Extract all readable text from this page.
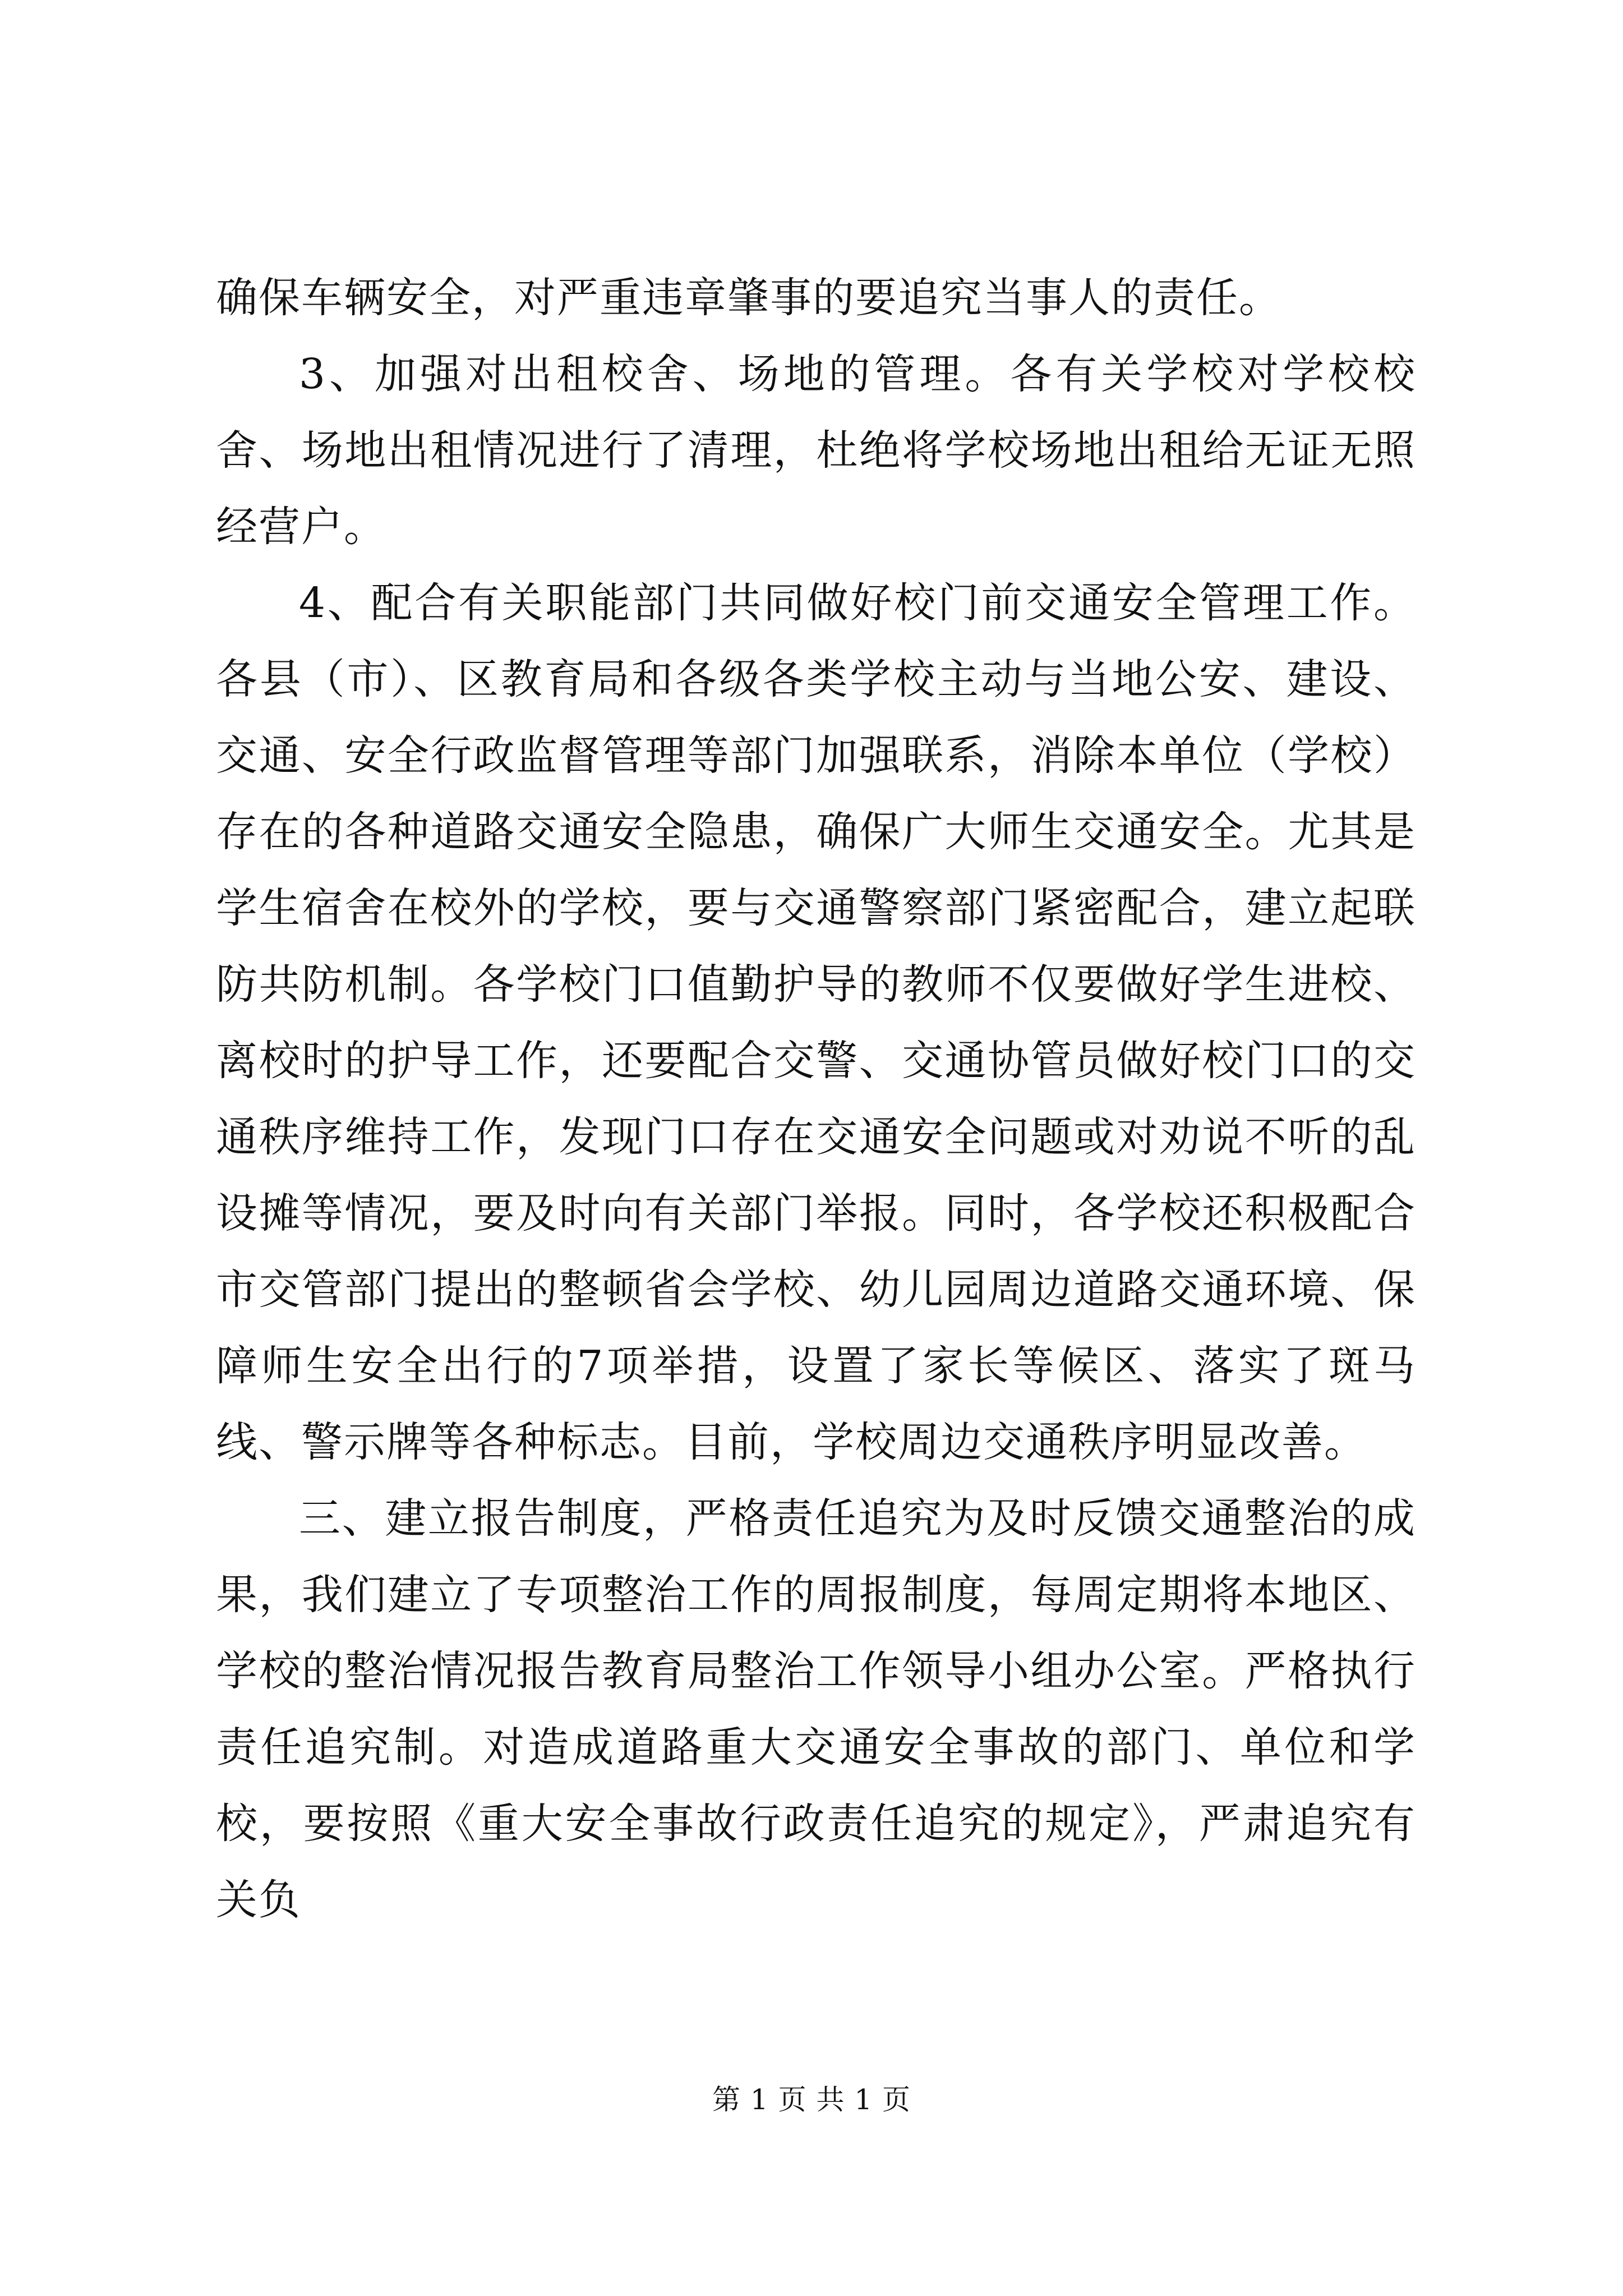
确保车辆安全，对严重违章肇事的要追究当事人的责任。

3、加强对出租校舍、场地的管理。各有关学校对学校校舍、场地出租情况进行了清理，杜绝将学校场地出租给无证无照经营户。

4、配合有关职能部门共同做好校门前交通安全管理工作。各县（市）、区教育局和各级各类学校主动与当地公安、建设、交通、安全行政监督管理等部门加强联系，消除本单位（学校）存在的各种道路交通安全隐患，确保广大师生交通安全。尤其是学生宿舍在校外的学校，要与交通警察部门紧密配合，建立起联防共防机制。各学校门口值勤护导的教师不仅要做好学生进校、离校时的护导工作，还要配合交警、交通协管员做好校门口的交通秩序维持工作，发现门口存在交通安全问题或对劝说不听的乱设摊等情况，要及时向有关部门举报。同时，各学校还积极配合市交管部门提出的整顿省会学校、幼儿园周边道路交通环境、保障师生安全出行的7项举措，设置了家长等候区、落实了斑马线、警示牌等各种标志。目前，学校周边交通秩序明显改善。

三、建立报告制度，严格责任追究为及时反馈交通整治的成果，我们建立了专项整治工作的周报制度，每周定期将本地区、学校的整治情况报告教育局整治工作领导小组办公室。严格执行责任追究制。对造成道路重大交通安全事故的部门、单位和学校，要按照《重大安全事故行政责任追究的规定》，严肃追究有关负

第 1 页 共 1 页
